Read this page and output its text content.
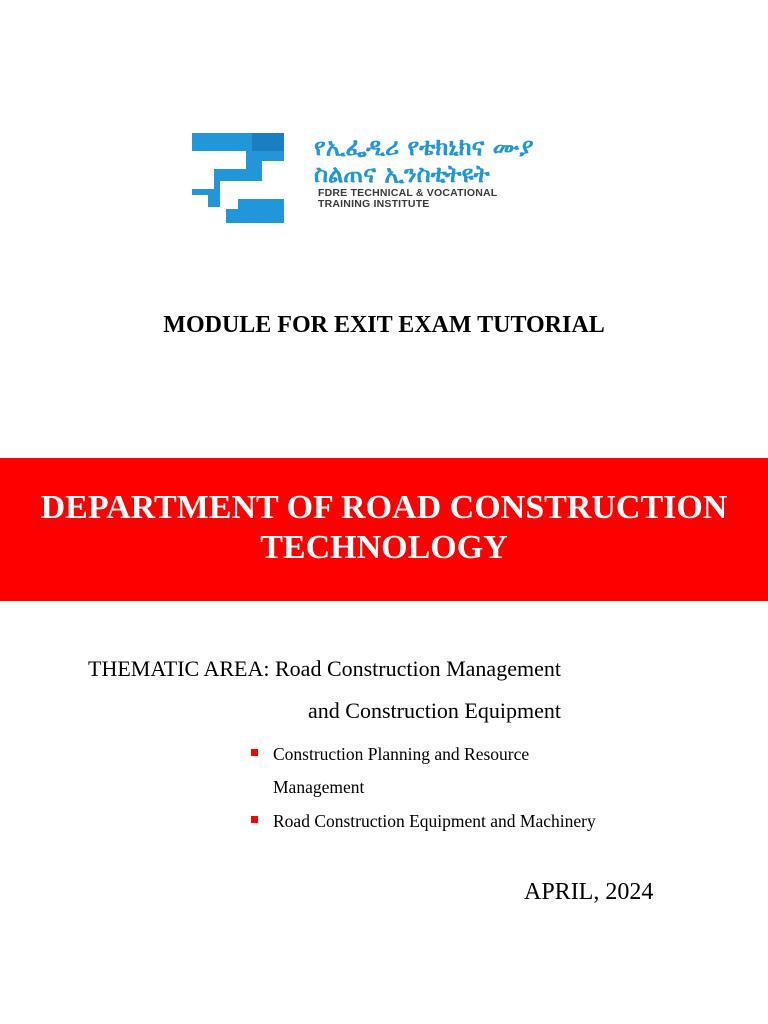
የኢፌዲሪ የቴክኒክና ሙያ
ስልጠና ኢንስቲትዩት
FDRE TECHNICAL & VOCATIONAL
TRAINING INSTITUTE
MODULE FOR EXIT EXAM TUTORIAL
DEPARTMENT OF ROAD CONSTRUCTION
TECHNOLOGY
THEMATIC AREA: Road Construction Management
and Construction Equipment
Construction Planning and Resource Management
Road Construction Equipment and Machinery
APRIL, 2024
